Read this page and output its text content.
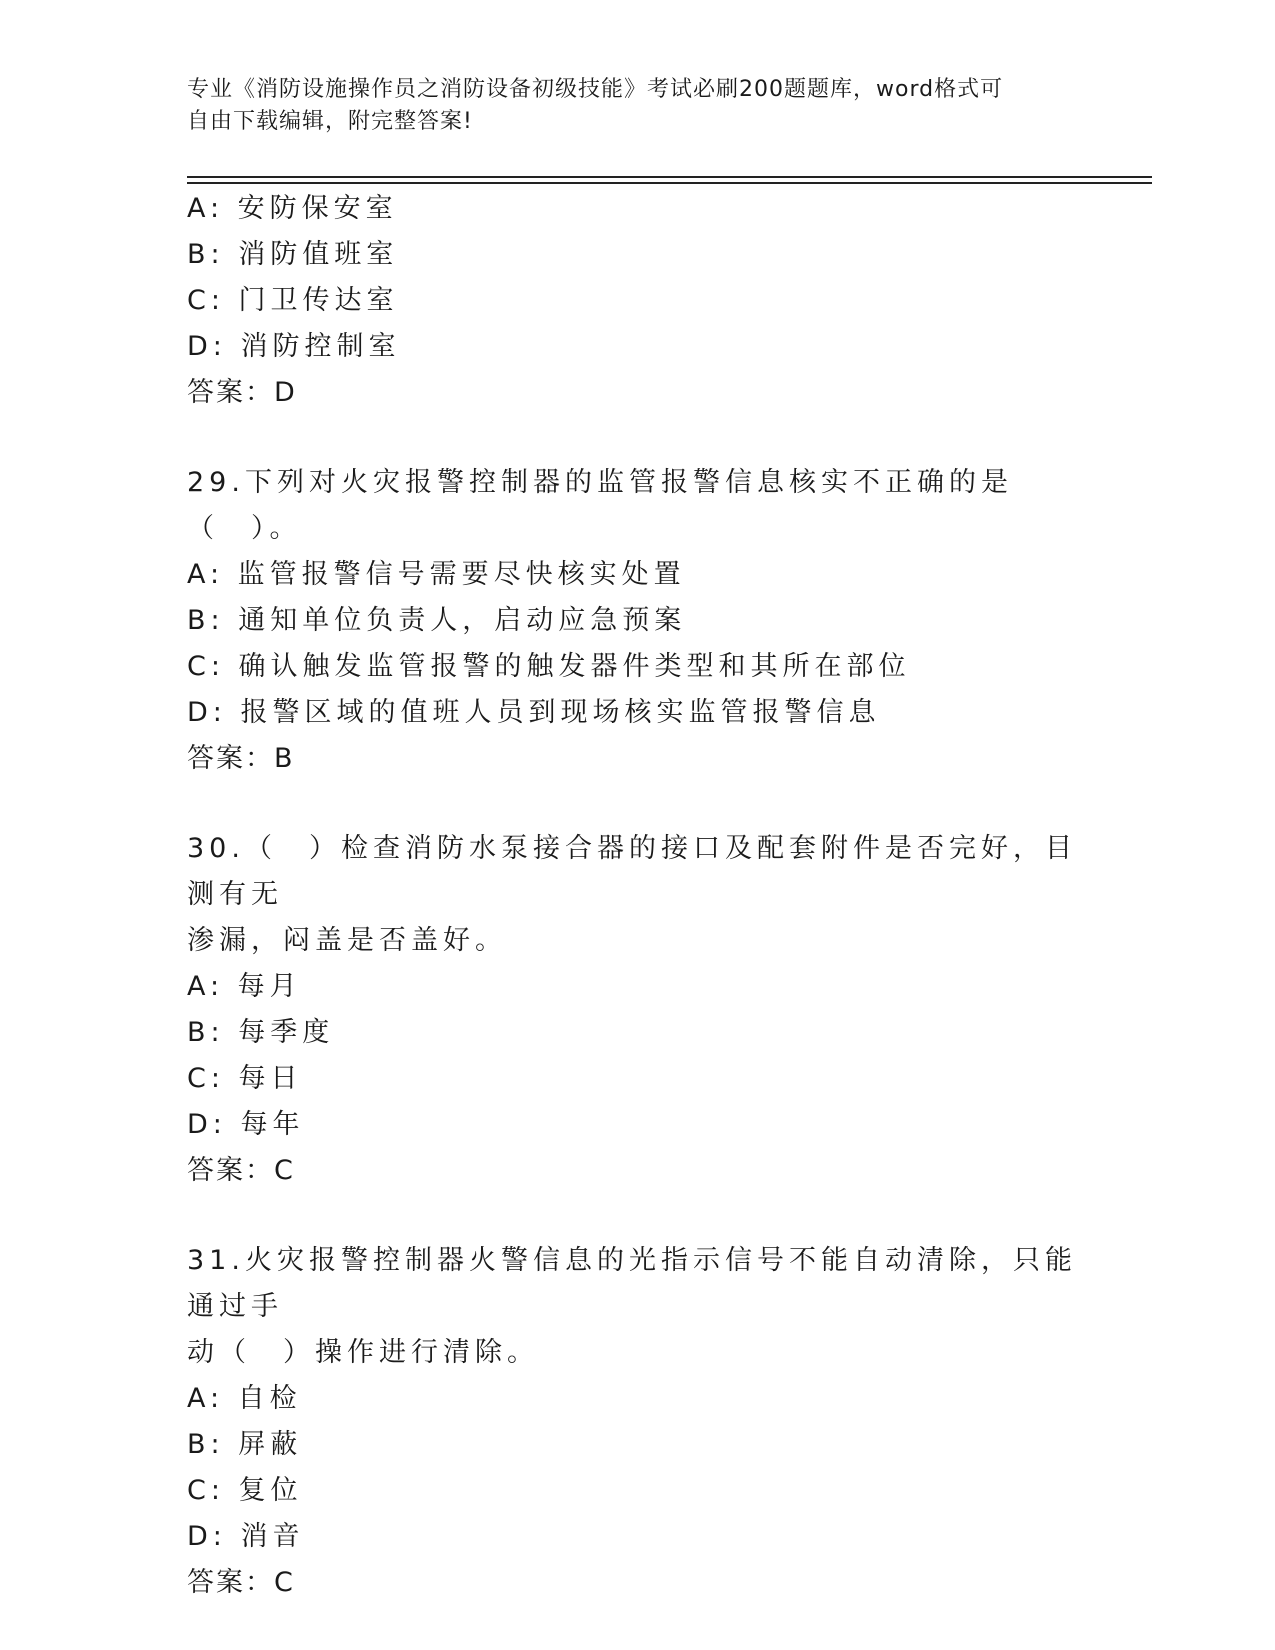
专业《消防设施操作员之消防设备初级技能》考试必刷200题题库，word格式可
自由下载编辑，附完整答案!
A: 安防保安室
B: 消防值班室
C: 门卫传达室
D: 消防控制室
答案：D
29.下列对火灾报警控制器的监管报警信息核实不正确的是（　）。
A: 监管报警信号需要尽快核实处置
B: 通知单位负责人，启动应急预案
C: 确认触发监管报警的触发器件类型和其所在部位
D: 报警区域的值班人员到现场核实监管报警信息
答案：B
30.（　）检查消防水泵接合器的接口及配套附件是否完好，目测有无
渗漏，闷盖是否盖好。
A: 每月
B: 每季度
C: 每日
D: 每年
答案：C
31.火灾报警控制器火警信息的光指示信号不能自动清除，只能通过手
动（　）操作进行清除。
A: 自检
B: 屏蔽
C: 复位
D: 消音
答案：C
